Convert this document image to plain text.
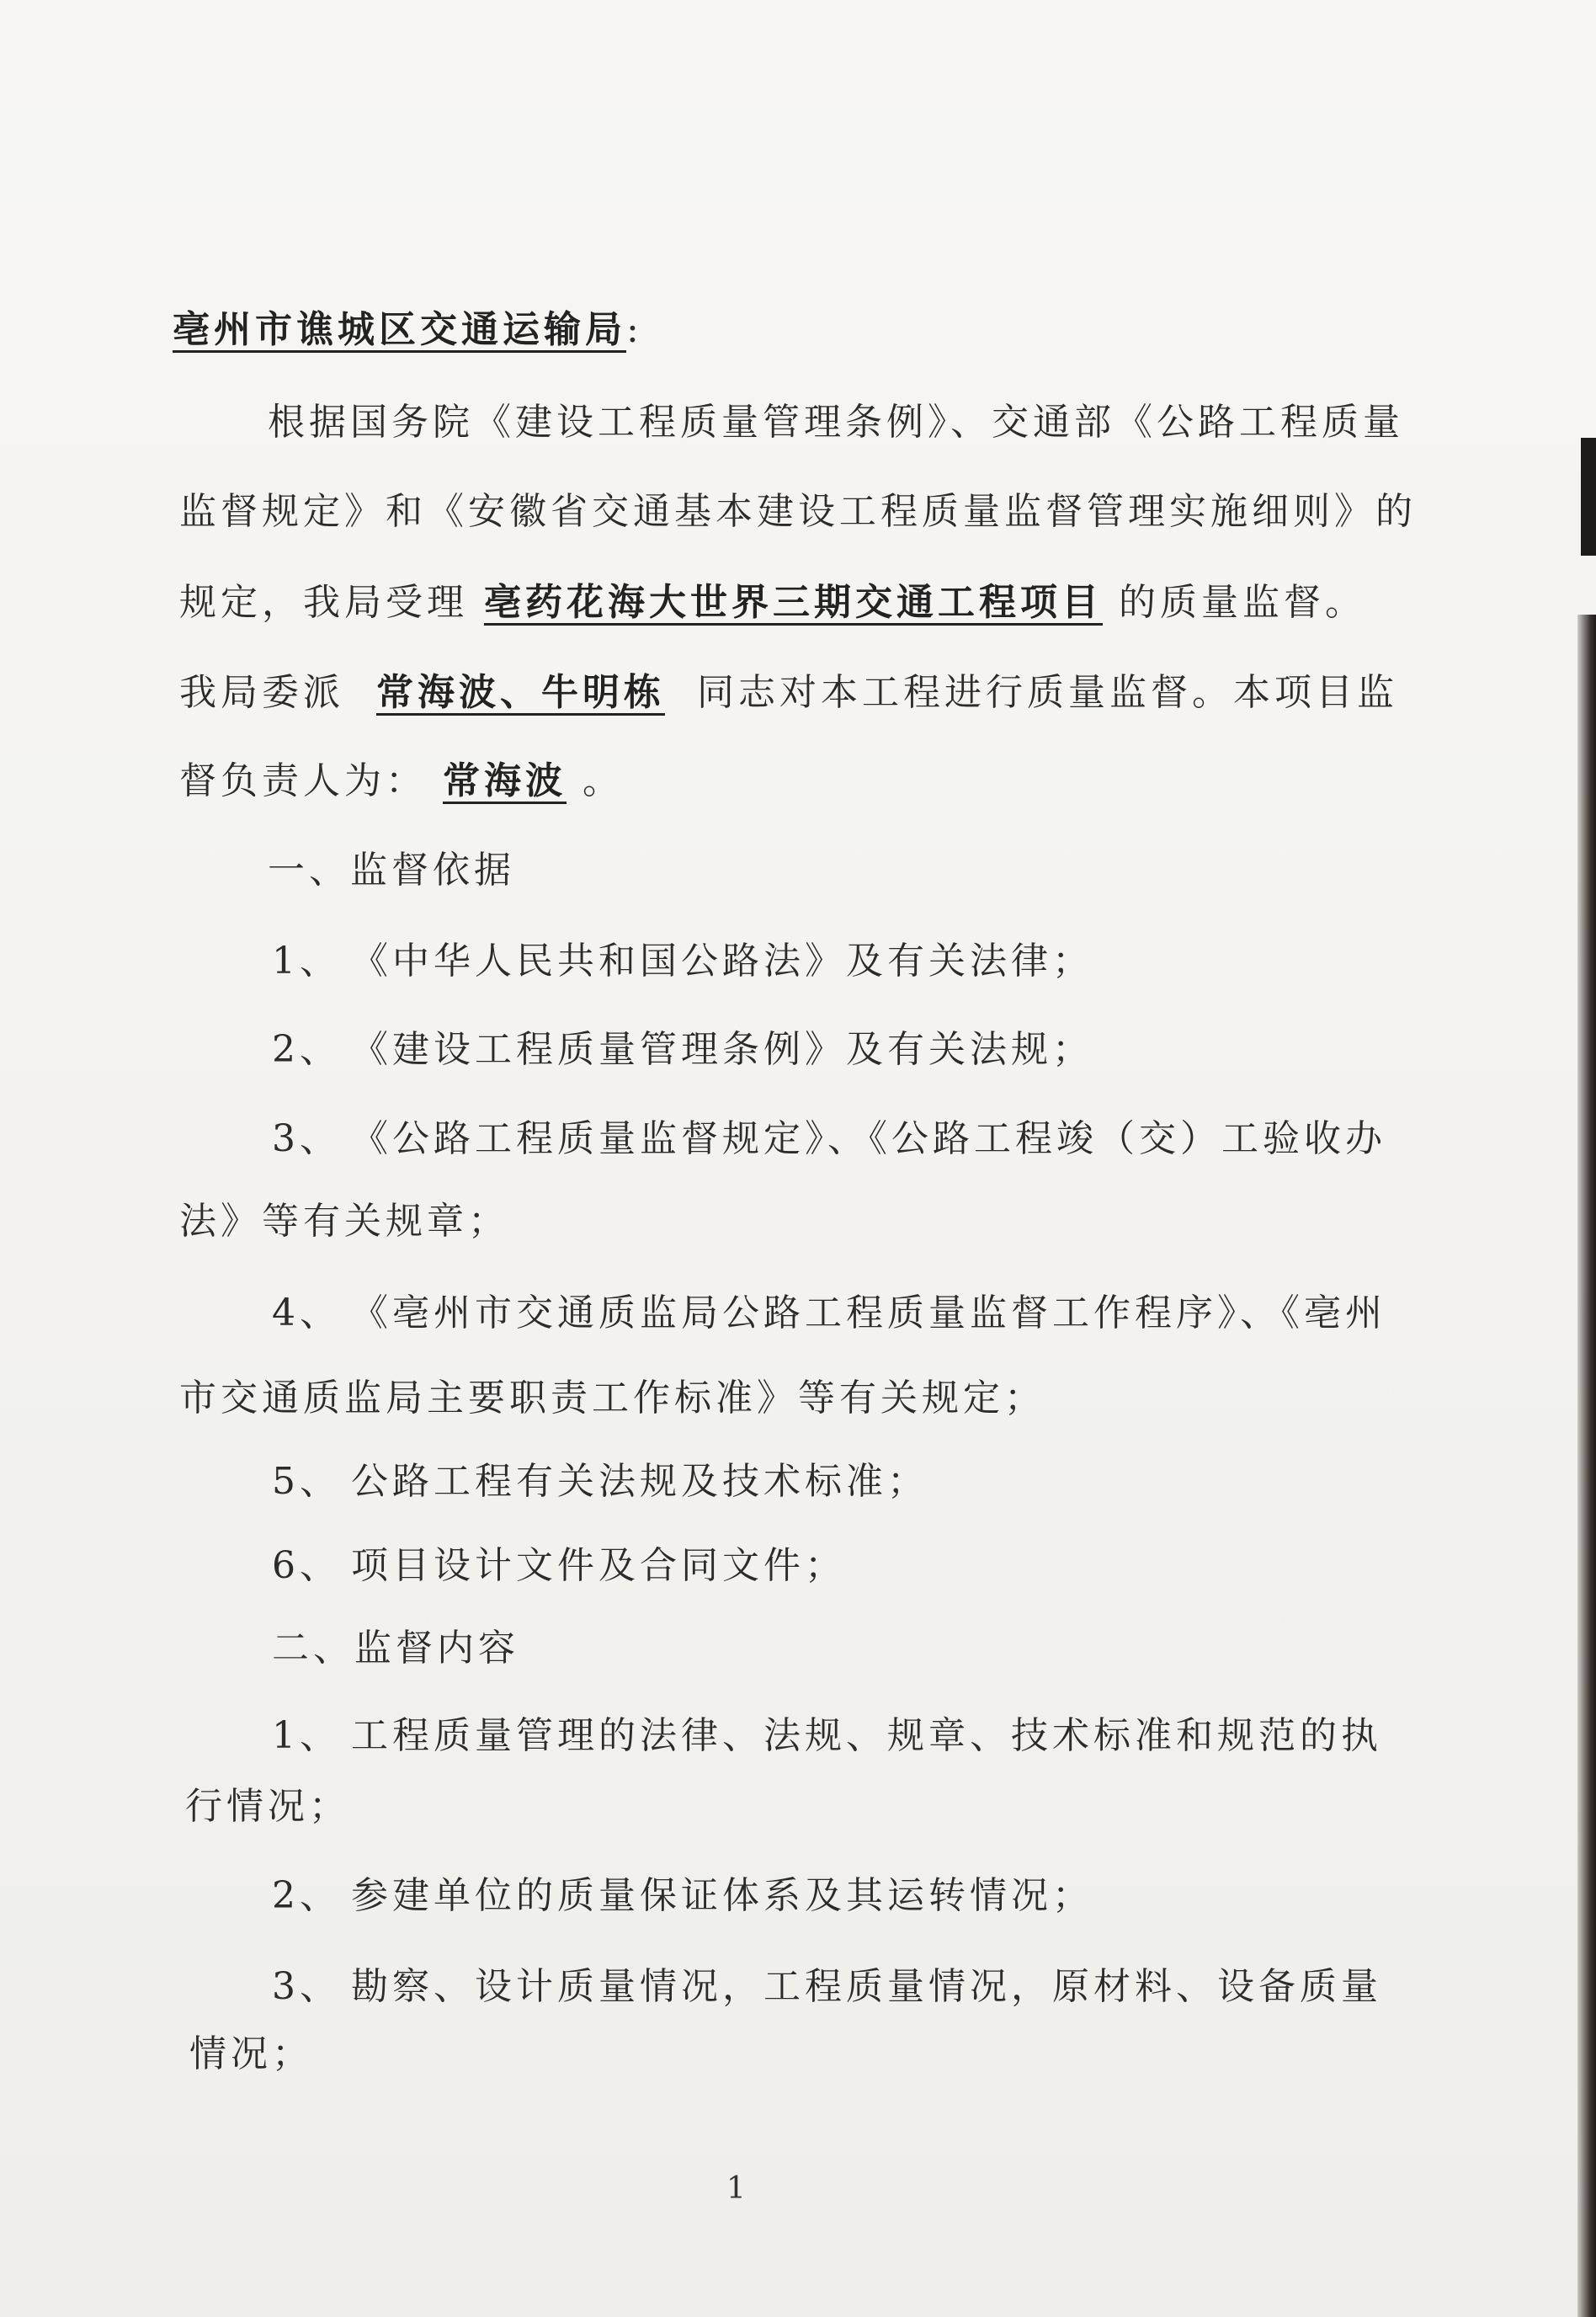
亳州市谯城区交通运输局:
根据国务院《建设工程质量管理条例》、交通部《公路工程质量
监督规定》和《安徽省交通基本建设工程质量监督管理实施细则》的
规定，我局受理 亳药花海大世界三期交通工程项目 的质量监督。
我局委派 常海波、牛明栋 同志对本工程进行质量监督。本项目监
督负责人为： 常海波 。
一、监督依据
1、 《中华人民共和国公路法》及有关法律；
2、 《建设工程质量管理条例》及有关法规；
3、 《公路工程质量监督规定》、《公路工程竣（交）工验收办
法》等有关规章；
4、 《亳州市交通质监局公路工程质量监督工作程序》、《亳州
市交通质监局主要职责工作标准》等有关规定；
5、 公路工程有关法规及技术标准；
6、 项目设计文件及合同文件；
二、监督内容
1、 工程质量管理的法律、法规、规章、技术标准和规范的执
行情况；
2、 参建单位的质量保证体系及其运转情况；
3、 勘察、设计质量情况，工程质量情况，原材料、设备质量
情况；
1
